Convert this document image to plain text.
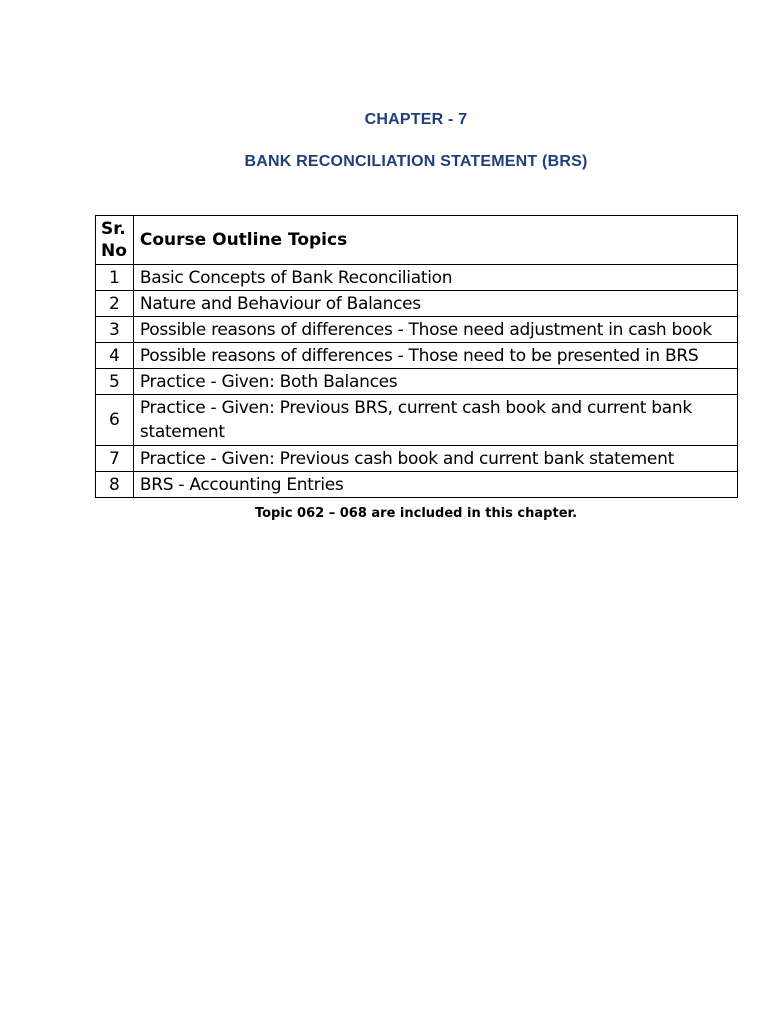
CHAPTER - 7
BANK RECONCILIATION STATEMENT (BRS)
Sr. No	Course Outline Topics
1	Basic Concepts of Bank Reconciliation
2	Nature and Behaviour of Balances
3	Possible reasons of differences - Those need adjustment in cash book
4	Possible reasons of differences - Those need to be presented in BRS
5	Practice - Given: Both Balances
6	Practice - Given: Previous BRS, current cash book and current bank statement
7	Practice - Given: Previous cash book and current bank statement
8	BRS - Accounting Entries
Topic 062 – 068 are included in this chapter.
